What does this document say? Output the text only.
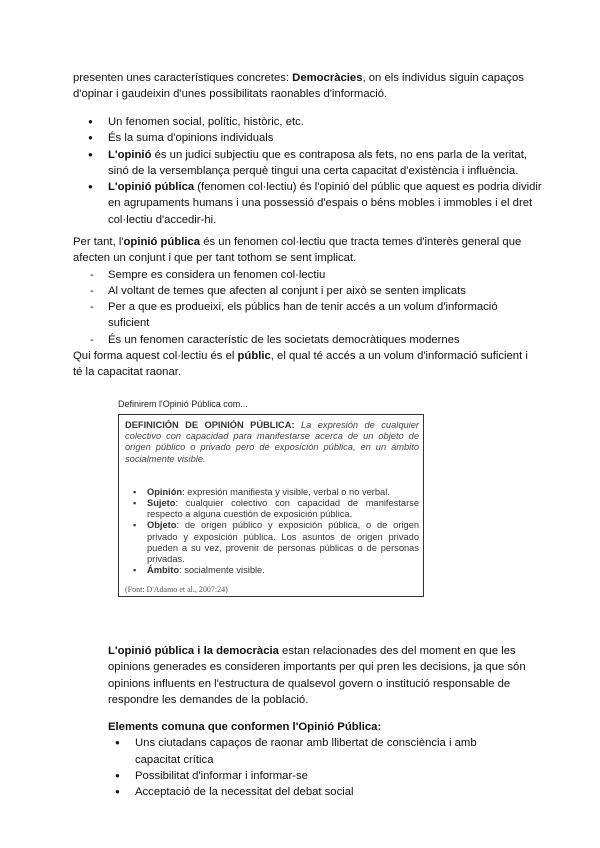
presenten unes característiques concretes: Democràcies, on els individus siguin capaços d'opinar i gaudeixin d'unes possibilitats raonables d'informació.

● Un fenomen social, polític, històric, etc.
● És la suma d'opinions individuals
● L'opinió és un judici subjectiu que es contraposa als fets, no ens parla de la veritat, sinó de la versemblança perquè tingui una certa capacitat d'existència i influència.
● L'opinió pública (fenomen col·lectiu) és l'opinió del públic que aquest es podria dividir en agrupaments humans i una possessió d'espais o béns mobles i immobles i el dret col·lectiu d'accedir-hi.

Per tant, l'opinió pública és un fenomen col·lectiu que tracta temes d'interès general que afecten un conjunt i que per tant tothom se sent implicat.

- Sempre es considera un fenomen col·lectiu
- Al voltant de temes que afecten al conjunt i per això se senten implicats
- Per a que es produeixi, els públics han de tenir accés a un volum d'informació suficient
- És un fenomen característic de les societats democràtiques modernes

Qui forma aquest col·lectiu és el públic, el qual té accés a un volum d'informació suficient i té la capacitat raonar.

Definirem l'Opinió Pública com...

DEFINICIÓN DE OPINIÓN PÚBLICA: La expresión de cualquier colectivo con capacidad para manifestarse acerca de un objeto de origen público o privado pero de exposición pública, en un ámbito socialmente visible.

▪ Opinión: expresión manifiesta y visible, verbal o no verbal.
▪ Sujeto: cualquier colectivo con capacidad de manifestarse respecto a alguna cuestión de exposición pública.
▪ Objeto: de origen público y exposición pública, o de origen privado y exposición pública. Los asuntos de origen privado pueden a su vez, provenir de personas públicas o de personas privadas.
▪ Ámbito: socialmente visible.
(Font: D'Adamo et al., 2007:24)

L'opinió pública i la democràcia estan relacionades des del moment en que les opinions generades es consideren importants per qui pren les decisions, ja que són opinions influents en l'estructura de qualsevol govern o institució responsable de respondre les demandes de la població.

Elements comuna que conformen l'Opinió Pública:

● Uns ciutadans capaços de raonar amb llibertat de consciència i amb capacitat crítica
● Possibilitat d'informar i informar-se
● Acceptació de la necessitat del debat social
